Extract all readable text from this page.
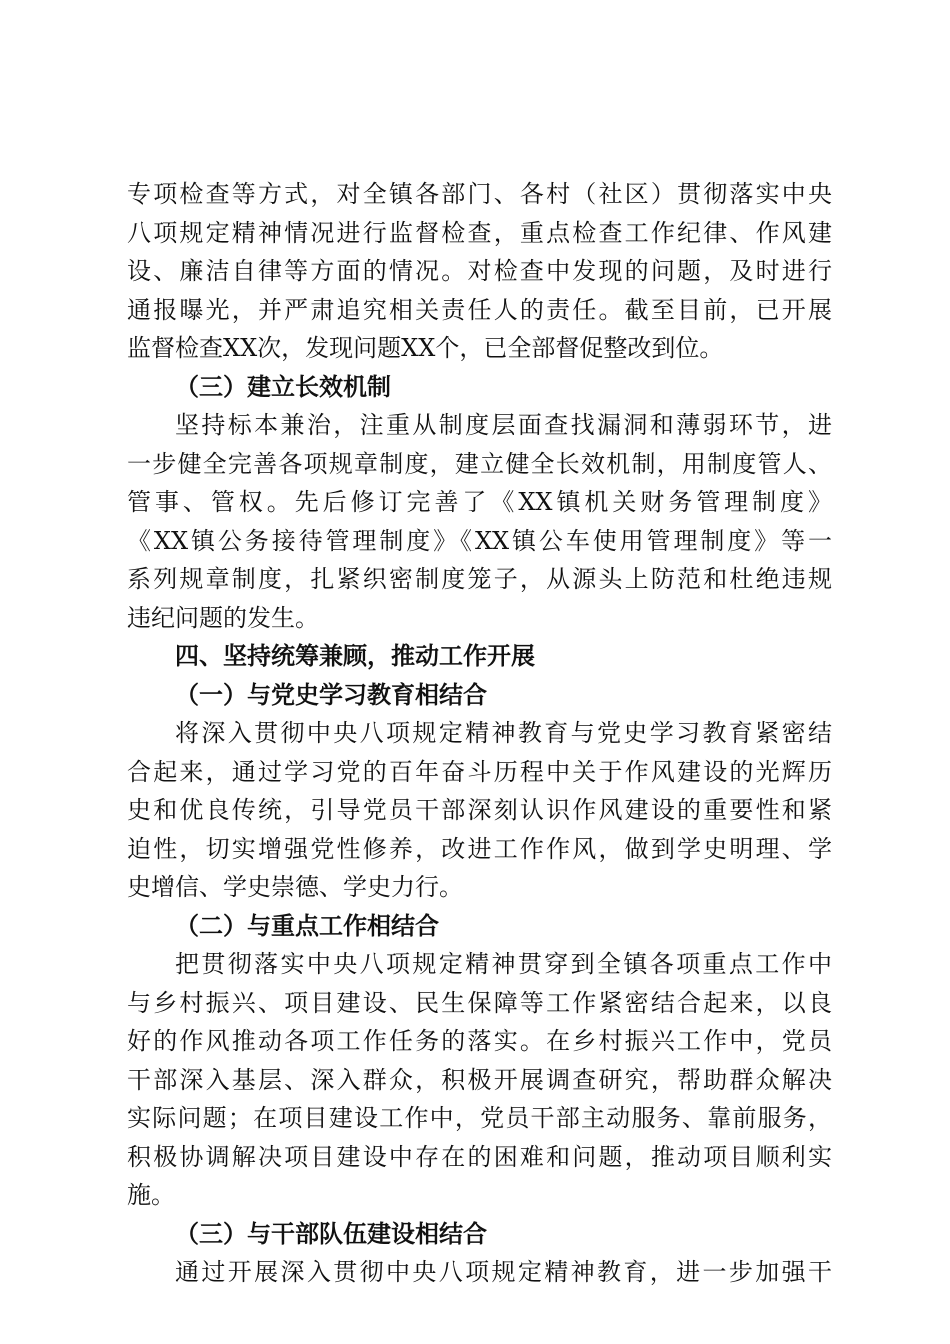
专项检查等方式，对全镇各部门、各村（社区）贯彻落实中央
八项规定精神情况进行监督检查，重点检查工作纪律、作风建
设、廉洁自律等方面的情况。对检查中发现的问题，及时进行
通报曝光，并严肃追究相关责任人的责任。截至目前，已开展
监督检查XX次，发现问题XX个，已全部督促整改到位。
（三）建立长效机制
坚持标本兼治，注重从制度层面查找漏洞和薄弱环节，进
一步健全完善各项规章制度，建立健全长效机制，用制度管人、
管事、管权。先后修订完善了《XX镇机关财务管理制度》
《XX镇公务接待管理制度》《XX镇公车使用管理制度》等一
系列规章制度，扎紧织密制度笼子，从源头上防范和杜绝违规
违纪问题的发生。
四、坚持统筹兼顾，推动工作开展
（一）与党史学习教育相结合
将深入贯彻中央八项规定精神教育与党史学习教育紧密结
合起来，通过学习党的百年奋斗历程中关于作风建设的光辉历
史和优良传统，引导党员干部深刻认识作风建设的重要性和紧
迫性，切实增强党性修养，改进工作作风，做到学史明理、学
史增信、学史崇德、学史力行。
（二）与重点工作相结合
把贯彻落实中央八项规定精神贯穿到全镇各项重点工作中
与乡村振兴、项目建设、民生保障等工作紧密结合起来，以良
好的作风推动各项工作任务的落实。在乡村振兴工作中，党员
干部深入基层、深入群众，积极开展调查研究，帮助群众解决
实际问题；在项目建设工作中，党员干部主动服务、靠前服务，
积极协调解决项目建设中存在的困难和问题，推动项目顺利实
施。
（三）与干部队伍建设相结合
通过开展深入贯彻中央八项规定精神教育，进一步加强干
